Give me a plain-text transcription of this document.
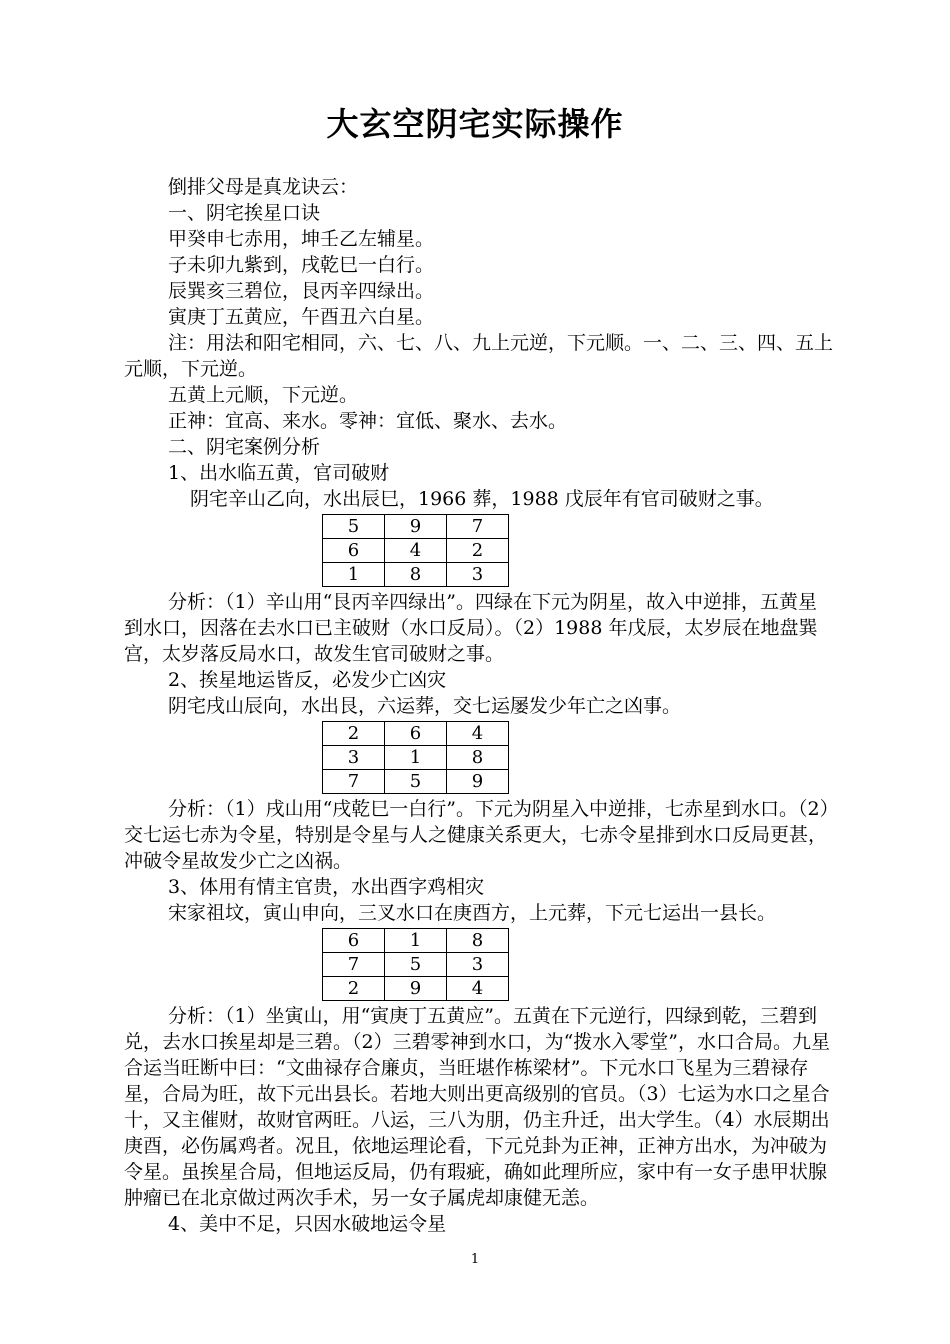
大玄空阴宅实际操作

倒排父母是真龙诀云：

一、阴宅挨星口诀

甲癸申七赤用，坤壬乙左辅星。

子未卯九紫到，戌乾巳一白行。

辰巽亥三碧位，艮丙辛四绿出。

寅庚丁五黄应，午酉丑六白星。

注：用法和阳宅相同，六、七、八、九上元逆，下元顺。一、二、三、四、五上元顺，下元逆。

五黄上元顺，下元逆。

正神：宜高、来水。零神：宜低、聚水、去水。

二、阴宅案例分析

1、出水临五黄，官司破财

阴宅辛山乙向，水出辰巳，1966 葬，1988 戊辰年有官司破财之事。

5	9	7
6	4	2
1	8	3

分析：（1）辛山用“艮丙辛四绿出”。四绿在下元为阴星，故入中逆排，五黄星到水口，因落在去水口已主破财（水口反局）。（2）1988 年戊辰，太岁辰在地盘巽宫，太岁落反局水口，故发生官司破财之事。

2、挨星地运皆反，必发少亡凶灾

阴宅戌山辰向，水出艮，六运葬，交七运屡发少年亡之凶事。

2	6	4
3	1	8
7	5	9

分析：（1）戌山用“戌乾巳一白行”。下元为阴星入中逆排，七赤星到水口。（2）交七运七赤为令星，特别是令星与人之健康关系更大，七赤令星排到水口反局更甚，冲破令星故发少亡之凶祸。

3、体用有情主官贵，水出酉字鸡相灾

宋家祖坟，寅山申向，三叉水口在庚酉方，上元葬，下元七运出一县长。

6	1	8
7	5	3
2	9	4

分析：（1）坐寅山，用“寅庚丁五黄应”。五黄在下元逆行，四绿到乾，三碧到兑，去水口挨星却是三碧。（2）三碧零神到水口，为“拨水入零堂”，水口合局。九星合运当旺断中曰：“文曲禄存合廉贞，当旺堪作栋梁材”。下元水口飞星为三碧禄存星，合局为旺，故下元出县长。若地大则出更高级别的官员。（3）七运为水口之星合十，又主催财，故财官两旺。八运，三八为朋，仍主升迁，出大学生。（4）水辰期出庚酉，必伤属鸡者。况且，依地运理论看，下元兑卦为正神，正神方出水，为冲破为令星。虽挨星合局，但地运反局，仍有瑕疵，确如此理所应，家中有一女子患甲状腺肿瘤已在北京做过两次手术，另一女子属虎却康健无恙。

4、美中不足，只因水破地运令星

1
